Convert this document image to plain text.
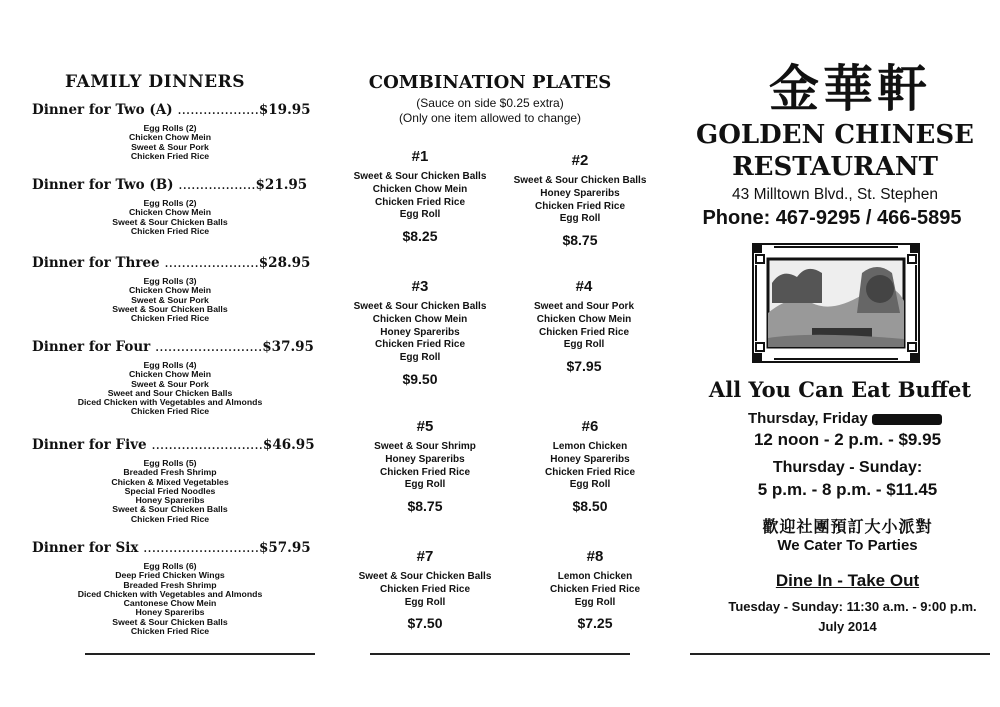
FAMILY DINNERS
Dinner for Two (A) ...................$19.95
Egg Rolls (2)
Chicken Chow Mein
Sweet & Sour Pork
Chicken Fried Rice
Dinner for Two (B) ..................$21.95
Egg Rolls (2)
Chicken Chow Mein
Sweet & Sour Chicken Balls
Chicken Fried Rice
Dinner for Three ......................$28.95
Egg Rolls (3)
Chicken Chow Mein
Sweet & Sour Pork
Sweet & Sour Chicken Balls
Chicken Fried Rice
Dinner for Four .........................$37.95
Egg Rolls (4)
Chicken Chow Mein
Sweet & Sour Pork
Sweet and Sour Chicken Balls
Diced Chicken with Vegetables and Almonds
Chicken Fried Rice
Dinner for Five ..........................$46.95
Egg Rolls (5)
Breaded Fresh Shrimp
Chicken & Mixed Vegetables
Special Fried Noodles
Honey Spareribs
Sweet & Sour Chicken Balls
Chicken Fried Rice
Dinner for Six ...........................$57.95
Egg Rolls (6)
Deep Fried Chicken Wings
Breaded Fresh Shrimp
Diced Chicken with Vegetables and Almonds
Cantonese Chow Mein
Honey Spareribs
Sweet & Sour Chicken Balls
Chicken Fried Rice
COMBINATION PLATES
(Sauce on side $0.25 extra)
(Only one item allowed to change)
#1
Sweet & Sour Chicken Balls
Chicken Chow Mein
Chicken Fried Rice
Egg Roll
$8.25
#2
Sweet & Sour Chicken Balls
Honey Spareribs
Chicken Fried Rice
Egg Roll
$8.75
#3
Sweet & Sour Chicken Balls
Chicken Chow Mein
Honey Spareribs
Chicken Fried Rice
Egg Roll
$9.50
#4
Sweet and Sour Pork
Chicken Chow Mein
Chicken Fried Rice
Egg Roll
$7.95
#5
Sweet & Sour Shrimp
Honey Spareribs
Chicken Fried Rice
Egg Roll
$8.75
#6
Lemon Chicken
Honey Spareribs
Chicken Fried Rice
Egg Roll
$8.50
#7
Sweet & Sour Chicken Balls
Chicken Fried Rice
Egg Roll
$7.50
#8
Lemon Chicken
Chicken Fried Rice
Egg Roll
$7.25
金華軒
GOLDEN CHINESE
RESTAURANT
43 Milltown Blvd., St. Stephen
Phone: 467-9295 / 466-5895
All You Can Eat Buffet
Thursday, Friday
12 noon - 2 p.m. - $9.95
Thursday - Sunday:
5 p.m. - 8 p.m. - $11.45
歡迎社團預訂大小派對
We Cater To Parties
Dine In - Take Out
Tuesday - Sunday: 11:30 a.m. - 9:00 p.m.
July 2014
